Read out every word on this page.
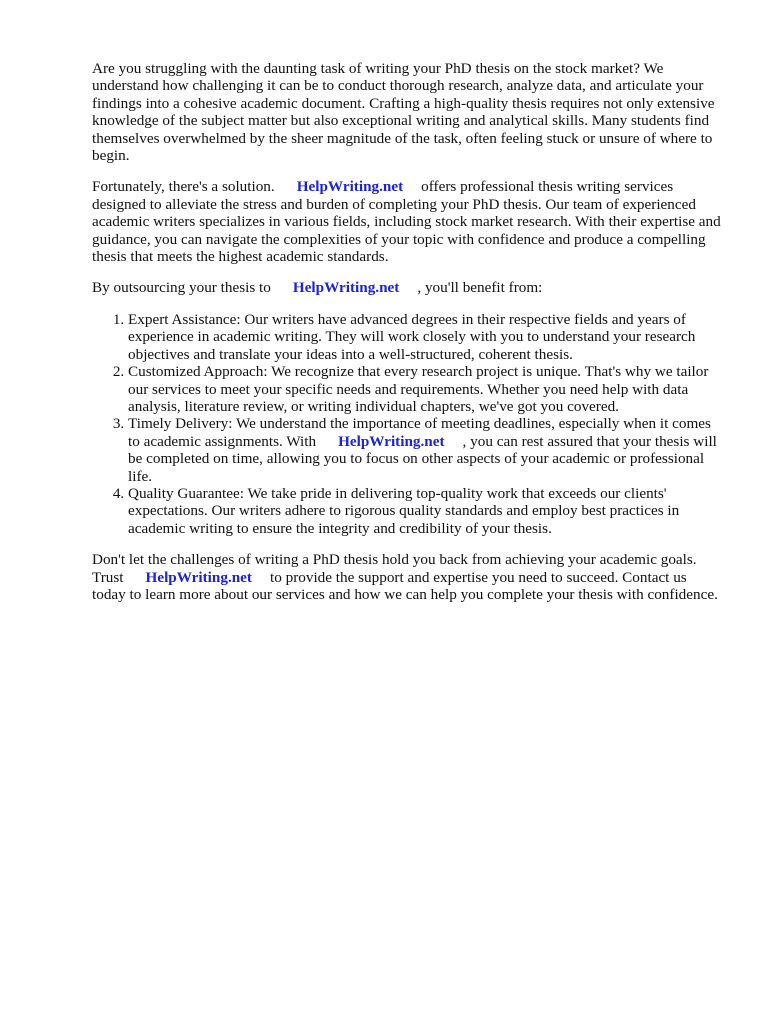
Are you struggling with the daunting task of writing your PhD thesis on the stock market? We understand how challenging it can be to conduct thorough research, analyze data, and articulate your findings into a cohesive academic document. Crafting a high-quality thesis requires not only extensive knowledge of the subject matter but also exceptional writing and analytical skills. Many students find themselves overwhelmed by the sheer magnitude of the task, often feeling stuck or unsure of where to begin.

Fortunately, there's a solution. HelpWriting.net offers professional thesis writing services designed to alleviate the stress and burden of completing your PhD thesis. Our team of experienced academic writers specializes in various fields, including stock market research. With their expertise and guidance, you can navigate the complexities of your topic with confidence and produce a compelling thesis that meets the highest academic standards.

By outsourcing your thesis to HelpWriting.net , you'll benefit from:

1. Expert Assistance: Our writers have advanced degrees in their respective fields and years of experience in academic writing. They will work closely with you to understand your research objectives and translate your ideas into a well-structured, coherent thesis.
2. Customized Approach: We recognize that every research project is unique. That's why we tailor our services to meet your specific needs and requirements. Whether you need help with data analysis, literature review, or writing individual chapters, we've got you covered.
3. Timely Delivery: We understand the importance of meeting deadlines, especially when it comes to academic assignments. With HelpWriting.net , you can rest assured that your thesis will be completed on time, allowing you to focus on other aspects of your academic or professional life.
4. Quality Guarantee: We take pride in delivering top-quality work that exceeds our clients' expectations. Our writers adhere to rigorous quality standards and employ best practices in academic writing to ensure the integrity and credibility of your thesis.

Don't let the challenges of writing a PhD thesis hold you back from achieving your academic goals. Trust HelpWriting.net to provide the support and expertise you need to succeed. Contact us today to learn more about our services and how we can help you complete your thesis with confidence.
